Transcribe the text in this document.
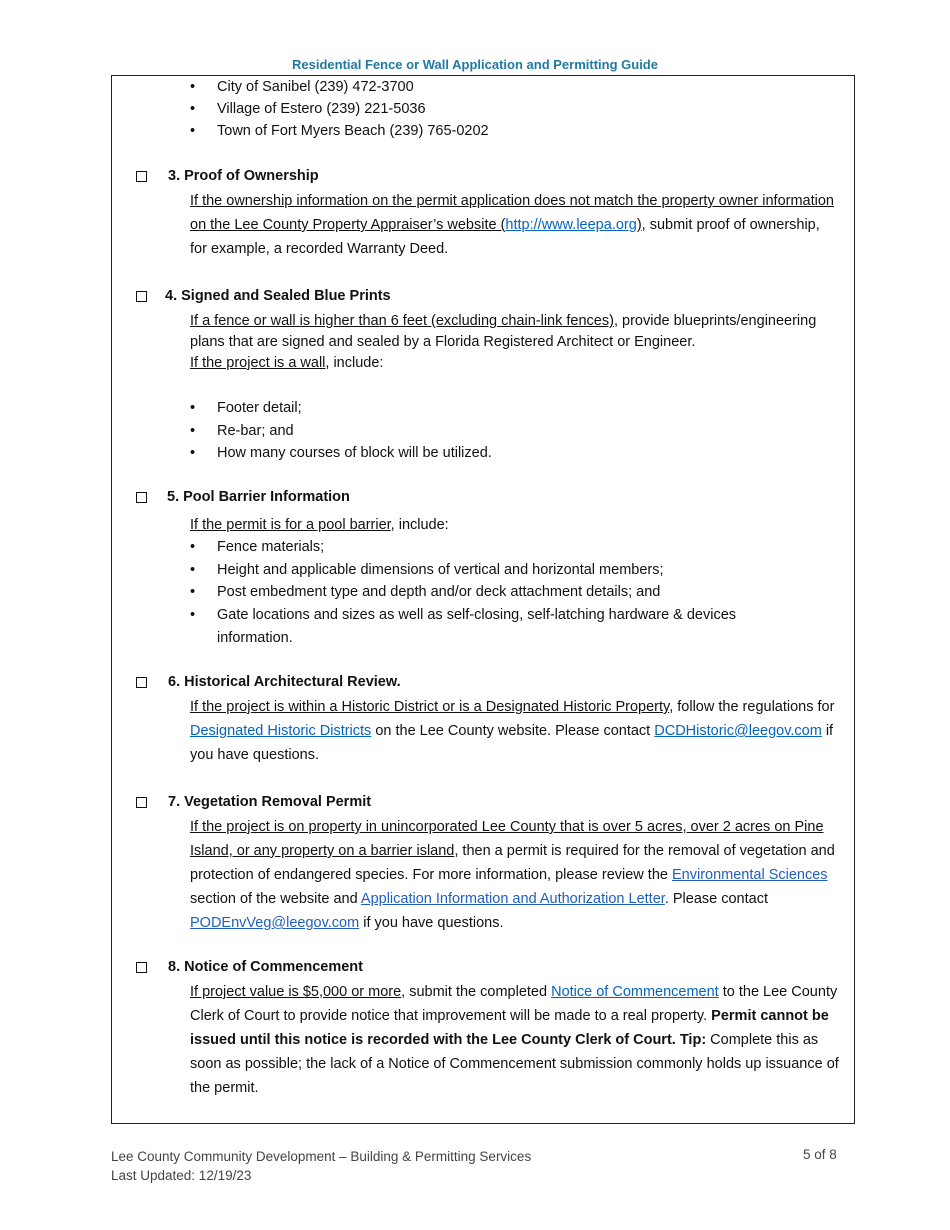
Residential Fence or Wall Application and Permitting Guide
• City of Sanibel (239) 472-3700
• Village of Estero (239) 221-5036
• Town of Fort Myers Beach (239) 765-0202
3. Proof of Ownership
If the ownership information on the permit application does not match the property owner information on the Lee County Property Appraiser’s website (http://www.leepa.org), submit proof of ownership, for example, a recorded Warranty Deed.
4. Signed and Sealed Blue Prints
If a fence or wall is higher than 6 feet (excluding chain-link fences), provide blueprints/engineering plans that are signed and sealed by a Florida Registered Architect or Engineer.
If the project is a wall, include:
• Footer detail;
• Re-bar; and
• How many courses of block will be utilized.
5. Pool Barrier Information
If the permit is for a pool barrier, include:
• Fence materials;
• Height and applicable dimensions of vertical and horizontal members;
• Post embedment type and depth and/or deck attachment details; and
• Gate locations and sizes as well as self-closing, self-latching hardware & devices
information.
6. Historical Architectural Review.
If the project is within a Historic District or is a Designated Historic Property, follow the regulations for Designated Historic Districts on the Lee County website. Please contact DCDHistoric@leegov.com if you have questions.
7. Vegetation Removal Permit
If the project is on property in unincorporated Lee County that is over 5 acres, over 2 acres on Pine Island, or any property on a barrier island, then a permit is required for the removal of vegetation and protection of endangered species. For more information, please review the Environmental Sciences section of the website and Application Information and Authorization Letter. Please contact PODEnvVeg@leegov.com if you have questions.
8. Notice of Commencement
If project value is $5,000 or more, submit the completed Notice of Commencement to the Lee County Clerk of Court to provide notice that improvement will be made to a real property. Permit cannot be issued until this notice is recorded with the Lee County Clerk of Court. Tip: Complete this as soon as possible; the lack of a Notice of Commencement submission commonly holds up issuance of the permit.
Lee County Community Development – Building & Permitting Services
Last Updated: 12/19/23
5 of 8
